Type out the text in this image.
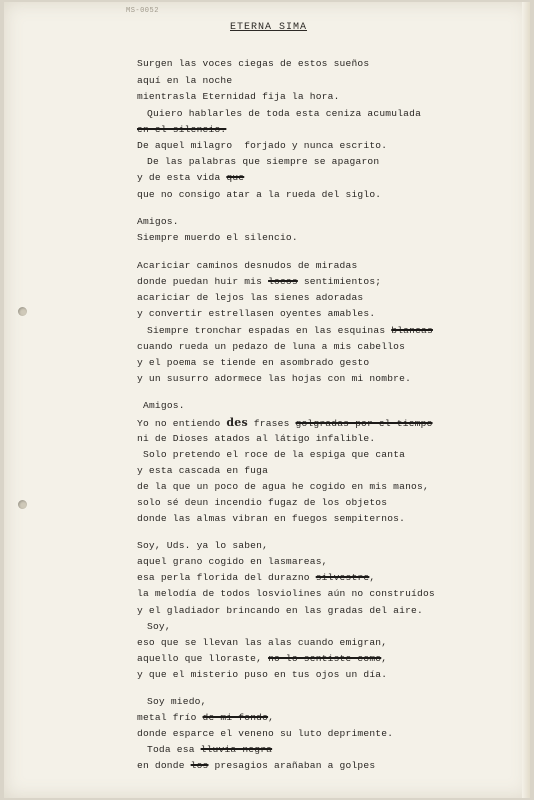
MS-0052
ETERNA SIMA
Surgen las voces ciegas de estos sueños
aquí en la noche
mientrasla Eternidad fija la hora.
Quiero hablarles de toda esta ceniza acumulada
en el silencio.
De aquel milagro  forjado y nunca escrito.
De las palabras que siempre se apagaron
y de esta vida que
que no consigo atar a la rueda del siglo.
Amigos.
Siempre muerdo el silencio.
Acariciar caminos desnudos de miradas
donde puedan huir mis locos sentimientos;
acariciar de lejos las sienes adoradas
y convertir estrellasen oyentes amables.
Siempre tronchar espadas en las esquinas blancas
cuando rueda un pedazo de luna a mis cabellos
y el poema se tiende en asombrado gesto
y un susurro adormece las hojas con mi nombre.
Amigos.
Yo no entiendo des frases golgradas por el tiempo
ni de Dioses atados al látigo infalible.
Solo pretendo el roce de la espiga que canta
y esta cascada en fuga
de la que un poco de agua he cogido en mis manos,
solo sé deun incendio fugaz de los objetos
donde las almas vibran en fuegos sempiternos.
Soy, Uds. ya lo saben,
aquel grano cogido en lasmareas,
esa perla florida del durazno silvestre,
la melodía de todos losviolines aún no construídos
y el gladiador brincando en las gradas del aire.
Soy,
eso que se llevan las alas cuando emigran,
aquello que lloraste, no lo sentiste como,
y que el misterio puso en tus ojos un día.
Soy miedo,
metal frío de mi fondo,
donde esparce el veneno su luto deprimente.
Toda esa lluvia negra
en donde los presagios arañaban a golpes
